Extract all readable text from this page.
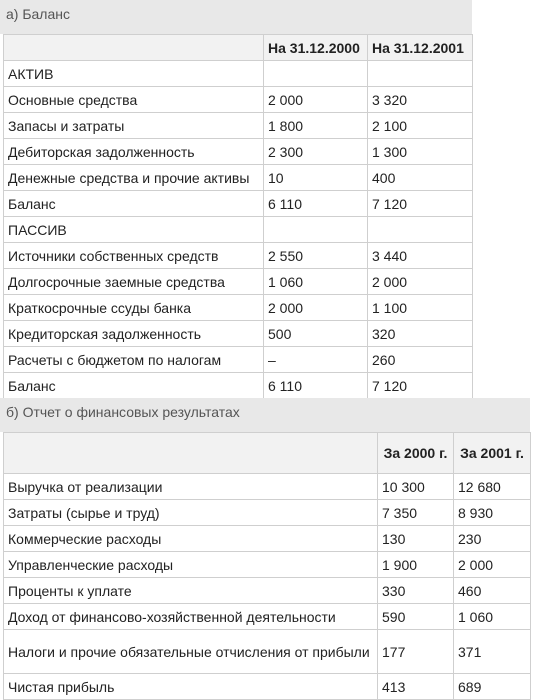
а) Баланс
	На 31.12.2000	На 31.12.2001
АКТИВ		
Основные средства	2 000	3 320
Запасы и затраты	1 800	2 100
Дебиторская задолженность	2 300	1 300
Денежные средства и прочие активы	10	400
Баланс	6 110	7 120
ПАССИВ		
Источники собственных средств	2 550	3 440
Долгосрочные заемные средства	1 060	2 000
Краткосрочные ссуды банка	2 000	1 100
Кредиторская задолженность	500	320
Расчеты с бюджетом по налогам	–	260
Баланс	6 110	7 120
б) Отчет о финансовых результатах
	За 2000 г.	За 2001 г.
Выручка от реализации	10 300	12 680
Затраты (сырье и труд)	7 350	8 930
Коммерческие расходы	130	230
Управленческие расходы	1 900	2 000
Проценты к уплате	330	460
Доход от финансово-хозяйственной деятельности	590	1 060
Налоги и прочие обязательные отчисления от прибыли	177	371
Чистая прибыль	413	689
